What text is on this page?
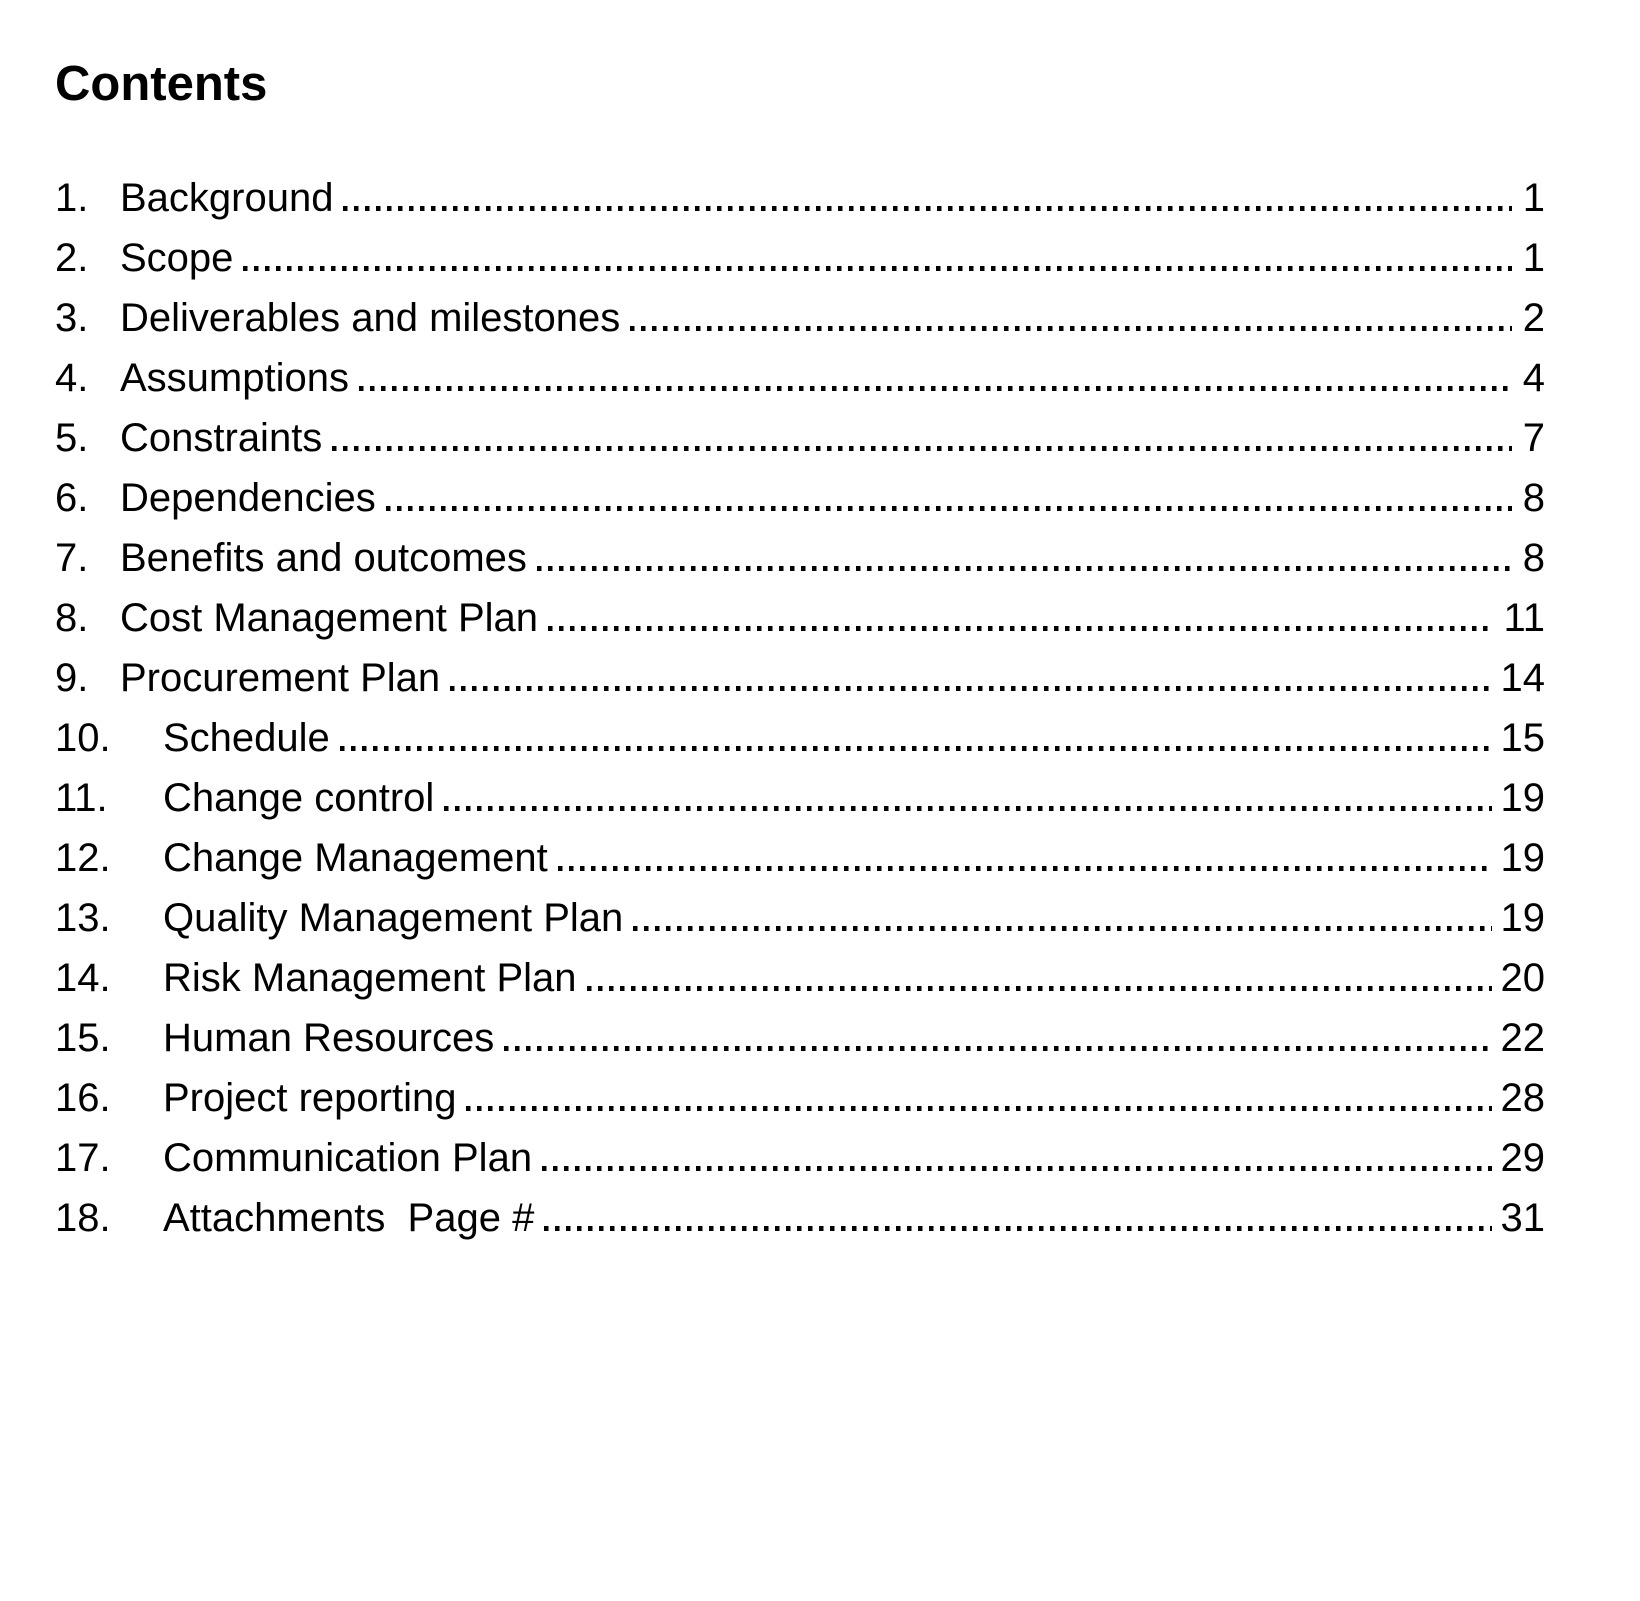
Contents
1. Background	1
2. Scope	1
3. Deliverables and milestones	2
4. Assumptions	4
5. Constraints	7
6. Dependencies	8
7. Benefits and outcomes	8
8. Cost Management Plan	11
9. Procurement Plan	14
10.	Schedule	15
11.	Change control	19
12.	Change Management	19
13.	Quality Management Plan	19
14.	Risk Management Plan	20
15.	Human Resources	22
16.	Project reporting	28
17.	Communication Plan	29
18.	Attachments  Page #	31
